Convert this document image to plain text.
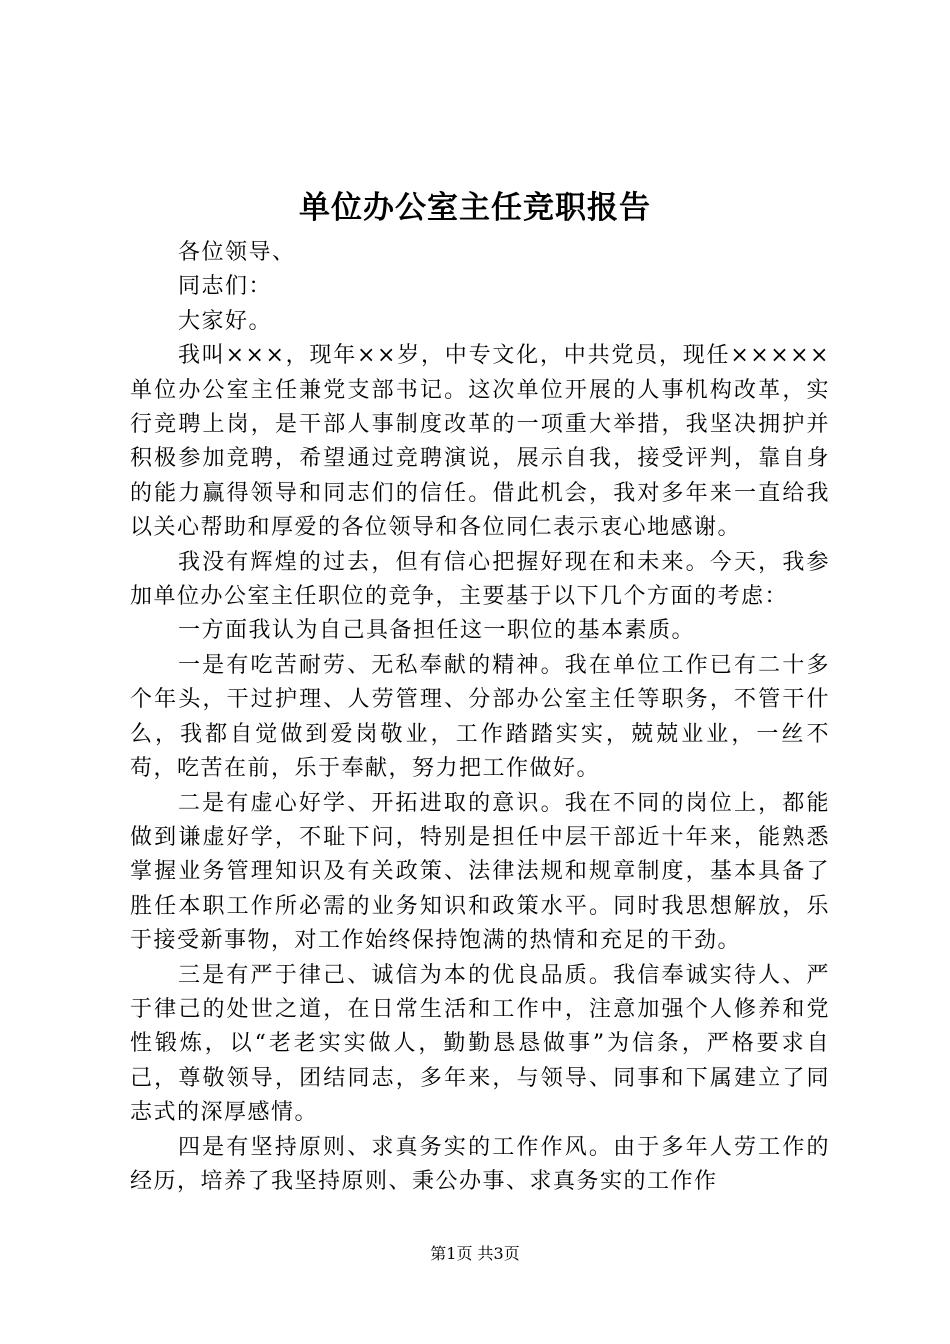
单位办公室主任竞职报告

各位领导、

同志们：

大家好。

我叫×××，现年××岁，中专文化，中共党员，现任×××××单位办公室主任兼党支部书记。这次单位开展的人事机构改革，实行竞聘上岗，是干部人事制度改革的一项重大举措，我坚决拥护并积极参加竞聘，希望通过竞聘演说，展示自我，接受评判，靠自身的能力赢得领导和同志们的信任。借此机会，我对多年来一直给我以关心帮助和厚爱的各位领导和各位同仁表示衷心地感谢。

我没有辉煌的过去，但有信心把握好现在和未来。今天，我参加单位办公室主任职位的竞争，主要基于以下几个方面的考虑：

一方面我认为自己具备担任这一职位的基本素质。

一是有吃苦耐劳、无私奉献的精神。我在单位工作已有二十多个年头，干过护理、人劳管理、分部办公室主任等职务，不管干什么，我都自觉做到爱岗敬业，工作踏踏实实，兢兢业业，一丝不苟，吃苦在前，乐于奉献，努力把工作做好。

二是有虚心好学、开拓进取的意识。我在不同的岗位上，都能做到谦虚好学，不耻下问，特别是担任中层干部近十年来，能熟悉掌握业务管理知识及有关政策、法律法规和规章制度，基本具备了胜任本职工作所必需的业务知识和政策水平。同时我思想解放，乐于接受新事物，对工作始终保持饱满的热情和充足的干劲。

三是有严于律己、诚信为本的优良品质。我信奉诚实待人、严于律己的处世之道，在日常生活和工作中，注意加强个人修养和党性锻炼，以“老老实实做人，勤勤恳恳做事”为信条，严格要求自己，尊敬领导，团结同志，多年来，与领导、同事和下属建立了同志式的深厚感情。

四是有坚持原则、求真务实的工作作风。由于多年人劳工作的经历，培养了我坚持原则、秉公办事、求真务实的工作作

第1页 共3页
